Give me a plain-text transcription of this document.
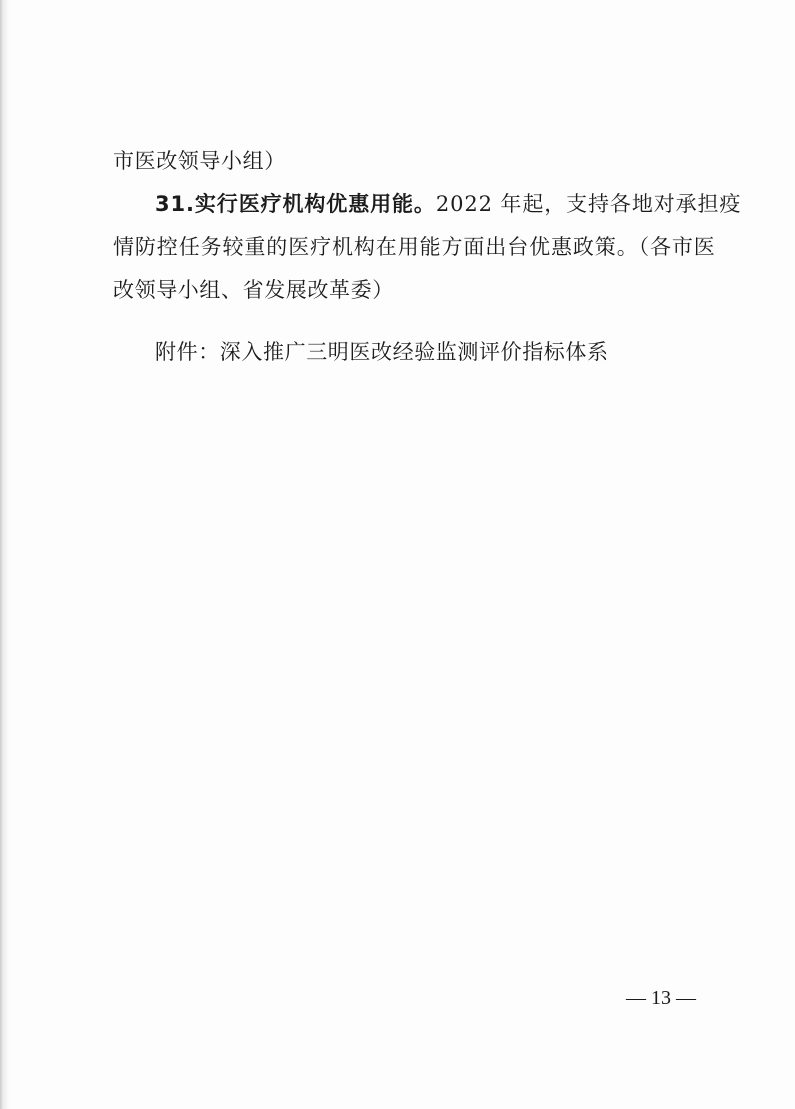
市医改领导小组）
31.实行医疗机构优惠用能。2022 年起，支持各地对承担疫
情防控任务较重的医疗机构在用能方面出台优惠政策。（各市医
改领导小组、省发展改革委）
附件：深入推广三明医改经验监测评价指标体系
— 13 —
